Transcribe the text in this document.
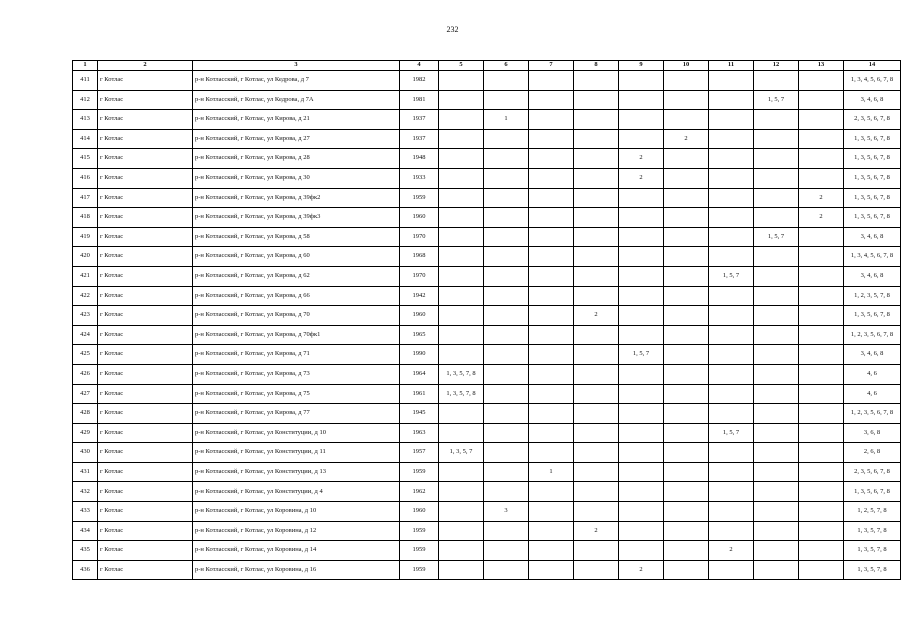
232
1	2	3	4	5	6	7	8	9	10	11	12	13	14
411	г Котлас	р-н Котласский, г Котлас, ул Кедрова, д 7	1982										1, 3, 4, 5, 6, 7, 8
412	г Котлас	р-н Котласский, г Котлас, ул Кедрова, д 7А	1981								1, 5, 7		3, 4, 6, 8
413	г Котлас	р-н Котласский, г Котлас, ул Кирова, д 21	1937		1								2, 3, 5, 6, 7, 8
414	г Котлас	р-н Котласский, г Котлас, ул Кирова, д 27	1937						2				1, 3, 5, 6, 7, 8
415	г Котлас	р-н Котласский, г Котлас, ул Кирова, д 28	1948					2					1, 3, 5, 6, 7, 8
416	г Котлас	р-н Котласский, г Котлас, ул Кирова, д 30	1933					2					1, 3, 5, 6, 7, 8
417	г Котлас	р-н Котласский, г Котлас, ул Кирова, д 39фк2	1959									2	1, 3, 5, 6, 7, 8
418	г Котлас	р-н Котласский, г Котлас, ул Кирова, д 39фк3	1960									2	1, 3, 5, 6, 7, 8
419	г Котлас	р-н Котласский, г Котлас, ул Кирова, д 58	1970								1, 5, 7		3, 4, 6, 8
420	г Котлас	р-н Котласский, г Котлас, ул Кирова, д 60	1968										1, 3, 4, 5, 6, 7, 8
421	г Котлас	р-н Котласский, г Котлас, ул Кирова, д 62	1970							1, 5, 7			3, 4, 6, 8
422	г Котлас	р-н Котласский, г Котлас, ул Кирова, д 66	1942										1, 2, 3, 5, 7, 8
423	г Котлас	р-н Котласский, г Котлас, ул Кирова, д 70	1960				2						1, 3, 5, 6, 7, 8
424	г Котлас	р-н Котласский, г Котлас, ул Кирова, д 70фк1	1965										1, 2, 3, 5, 6, 7, 8
425	г Котлас	р-н Котласский, г Котлас, ул Кирова, д 71	1990					1, 5, 7					3, 4, 6, 8
426	г Котлас	р-н Котласский, г Котлас, ул Кирова, д 73	1964	1, 3, 5, 7, 8									4, 6
427	г Котлас	р-н Котласский, г Котлас, ул Кирова, д 75	1961	1, 3, 5, 7, 8									4, 6
428	г Котлас	р-н Котласский, г Котлас, ул Кирова, д 77	1945										1, 2, 3, 5, 6, 7, 8
429	г Котлас	р-н Котласский, г Котлас, ул Конституции, д 10	1963							1, 5, 7			3, 6, 8
430	г Котлас	р-н Котласский, г Котлас, ул Конституции, д 11	1957	1, 3, 5, 7									2, 6, 8
431	г Котлас	р-н Котласский, г Котлас, ул Конституции, д 13	1959			1							2, 3, 5, 6, 7, 8
432	г Котлас	р-н Котласский, г Котлас, ул Конституции, д 4	1962										1, 3, 5, 6, 7, 8
433	г Котлас	р-н Котласский, г Котлас, ул Коровина, д 10	1960		3								1, 2, 5, 7, 8
434	г Котлас	р-н Котласский, г Котлас, ул Коровина, д 12	1959				2						1, 3, 5, 7, 8
435	г Котлас	р-н Котласский, г Котлас, ул Коровина, д 14	1959							2			1, 3, 5, 7, 8
436	г Котлас	р-н Котласский, г Котлас, ул Коровина, д 16	1959					2					1, 3, 5, 7, 8
